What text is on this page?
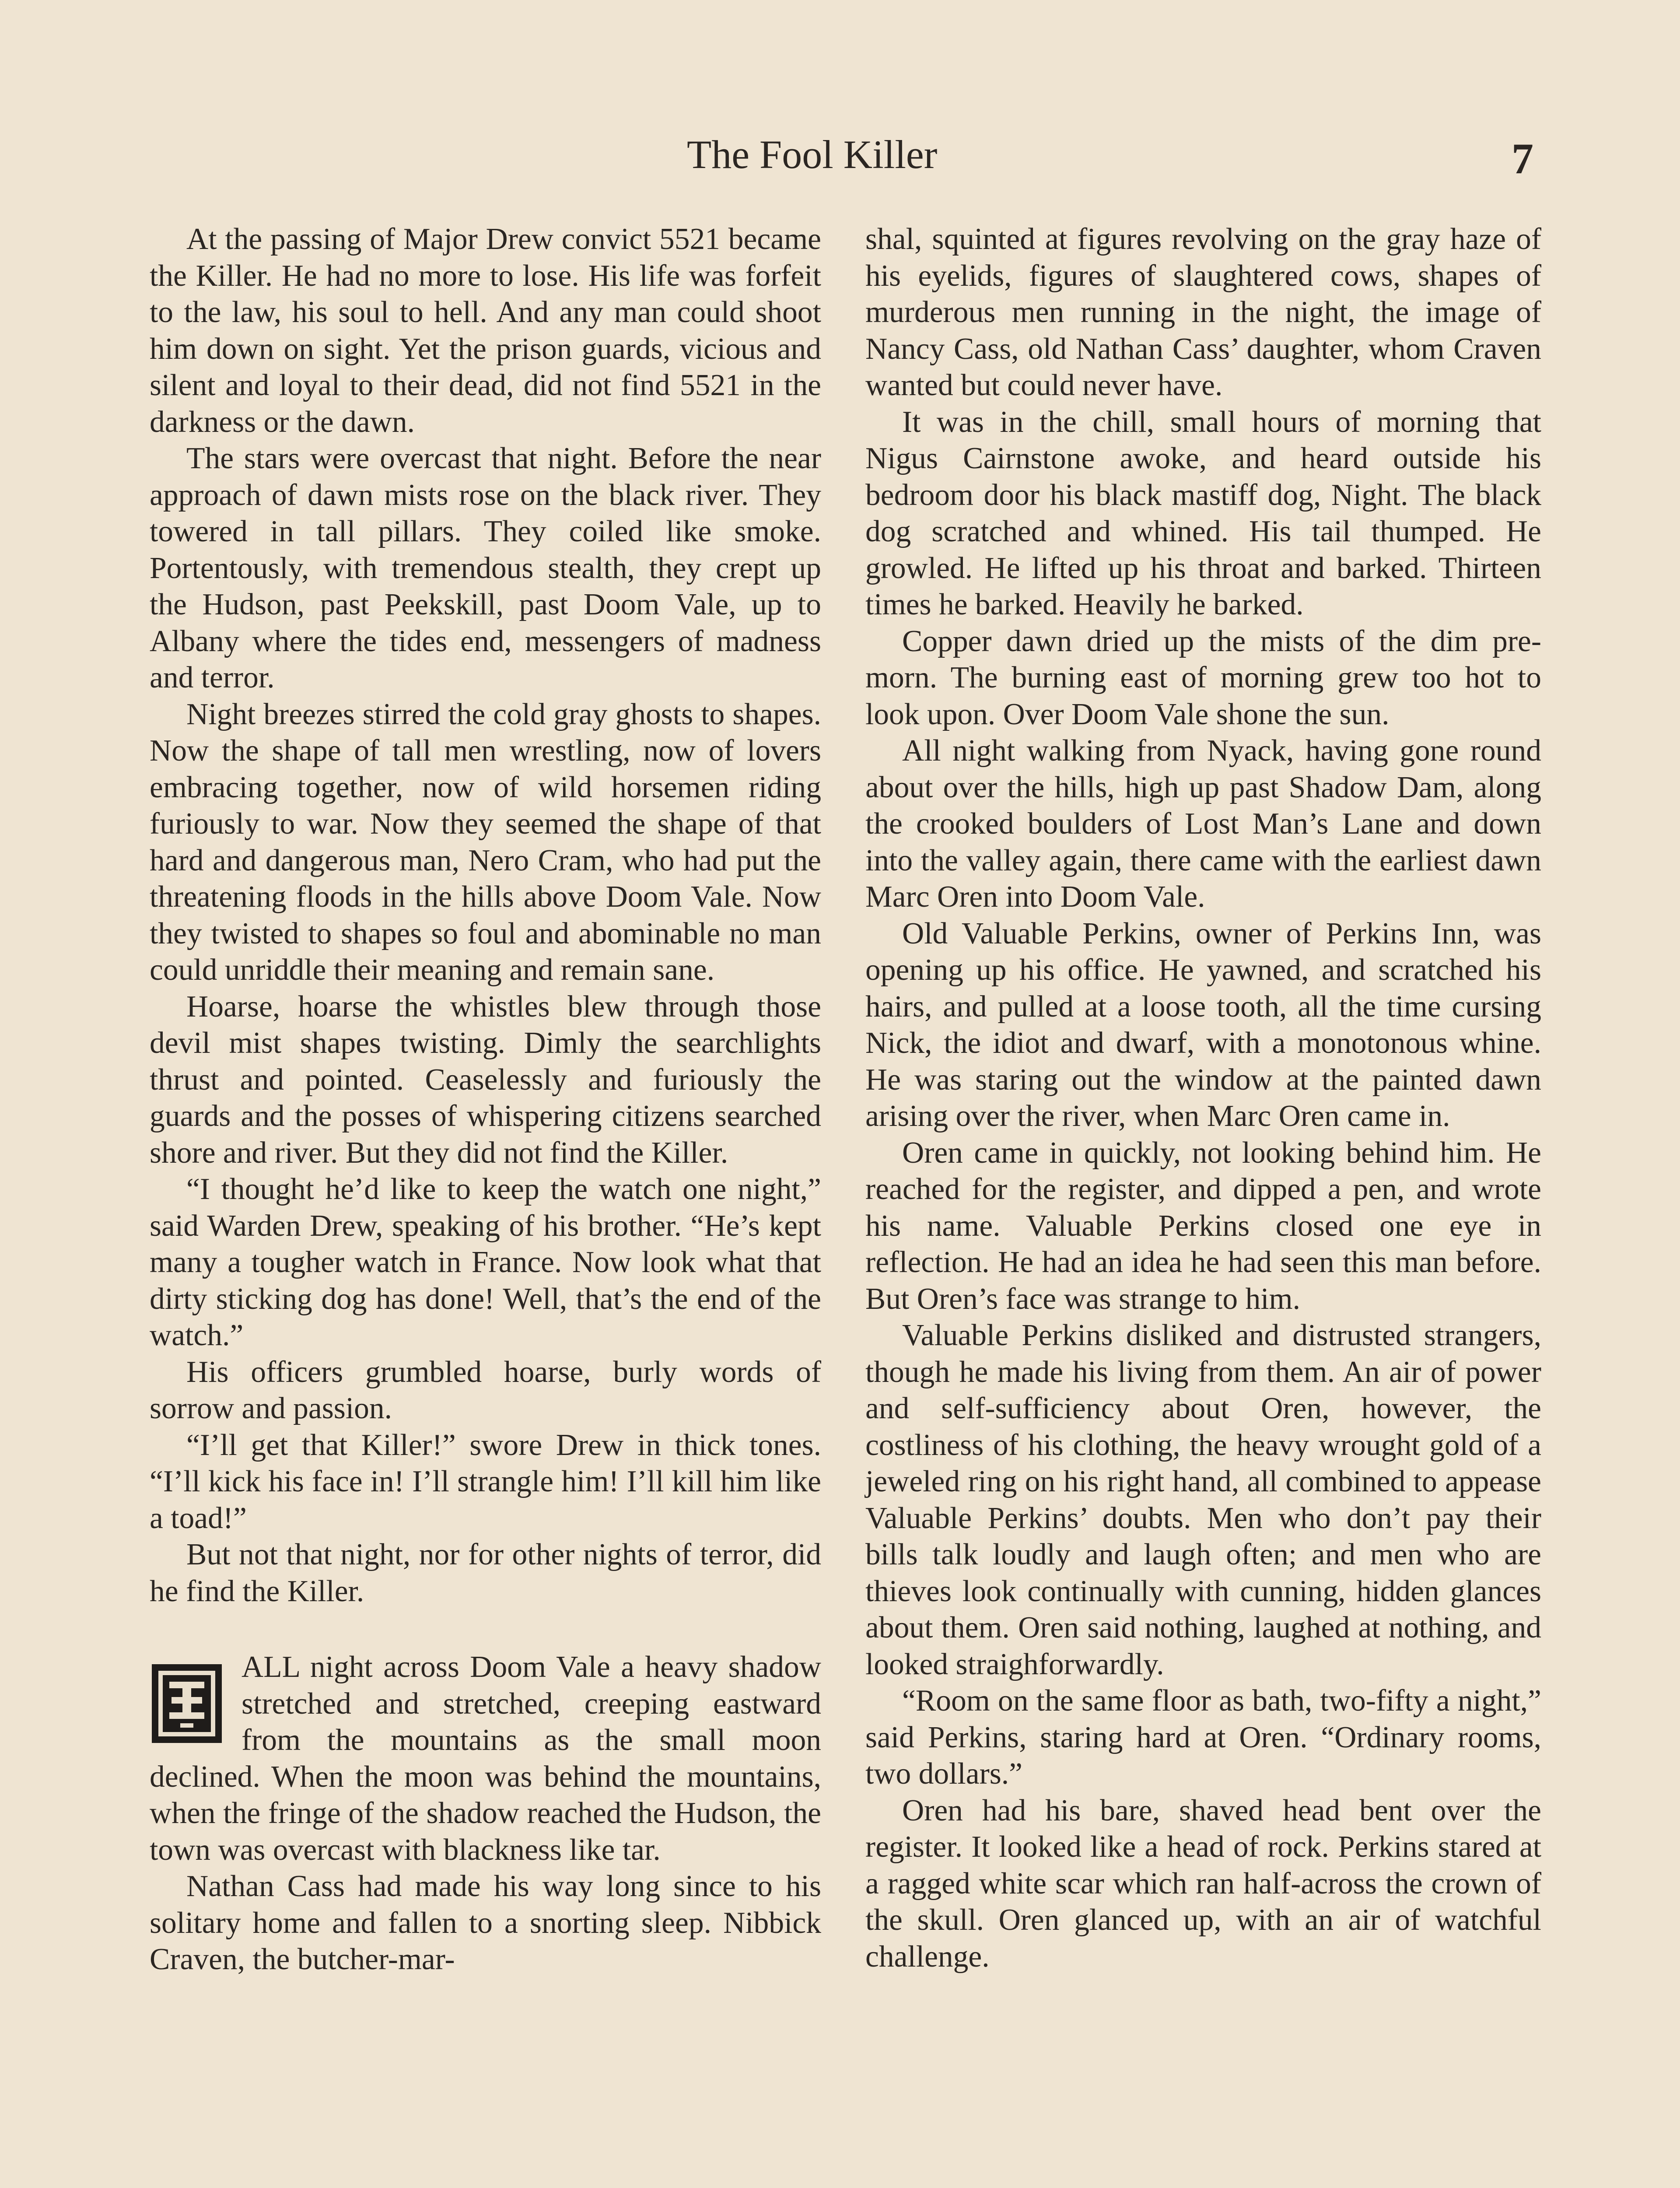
The Fool Killer	7

At the passing of Major Drew convict 5521 became the Killer. He had no more to lose. His life was forfeit to the law, his soul to hell. And any man could shoot him down on sight. Yet the prison guards, vicious and silent and loyal to their dead, did not find 5521 in the darkness or the dawn.

The stars were overcast that night. Before the near approach of dawn mists rose on the black river. They towered in tall pillars. They coiled like smoke. Portentously, with tremendous stealth, they crept up the Hudson, past Peekskill, past Doom Vale, up to Albany where the tides end, messengers of madness and terror.

Night breezes stirred the cold gray ghosts to shapes. Now the shape of tall men wrestling, now of lovers embracing together, now of wild horsemen riding furiously to war. Now they seemed the shape of that hard and dangerous man, Nero Cram, who had put the threatening floods in the hills above Doom Vale. Now they twisted to shapes so foul and abominable no man could unriddle their meaning and remain sane.

Hoarse, hoarse the whistles blew through those devil mist shapes twisting. Dimly the searchlights thrust and pointed. Ceaselessly and furiously the guards and the posses of whispering citizens searched shore and river. But they did not find the Killer.

“I thought he’d like to keep the watch one night,” said Warden Drew, speaking of his brother. “He’s kept many a tougher watch in France. Now look what that dirty sticking dog has done! Well, that’s the end of the watch.”

His officers grumbled hoarse, burly words of sorrow and passion.

“I’ll get that Killer!” swore Drew in thick tones. “I’ll kick his face in! I’ll strangle him! I’ll kill him like a toad!”

But not that night, nor for other nights of terror, did he find the Killer.

ALL night across Doom Vale a heavy shadow stretched and stretched, creeping eastward from the mountains as the small moon declined. When the moon was behind the mountains, when the fringe of the shadow reached the Hudson, the town was overcast with blackness like tar.

Nathan Cass had made his way long since to his solitary home and fallen to a snorting sleep. Nibbick Craven, the butcher-mar-

shal, squinted at figures revolving on the gray haze of his eyelids, figures of slaughtered cows, shapes of murderous men running in the night, the image of Nancy Cass, old Nathan Cass’ daughter, whom Craven wanted but could never have.

It was in the chill, small hours of morning that Nigus Cairnstone awoke, and heard outside his bedroom door his black mastiff dog, Night. The black dog scratched and whined. His tail thumped. He growled. He lifted up his throat and barked. Thirteen times he barked. Heavily he barked.

Copper dawn dried up the mists of the dim pre-morn. The burning east of morning grew too hot to look upon. Over Doom Vale shone the sun.

All night walking from Nyack, having gone round about over the hills, high up past Shadow Dam, along the crooked boulders of Lost Man’s Lane and down into the valley again, there came with the earliest dawn Marc Oren into Doom Vale.

Old Valuable Perkins, owner of Perkins Inn, was opening up his office. He yawned, and scratched his hairs, and pulled at a loose tooth, all the time cursing Nick, the idiot and dwarf, with a monotonous whine. He was staring out the window at the painted dawn arising over the river, when Marc Oren came in.

Oren came in quickly, not looking behind him. He reached for the register, and dipped a pen, and wrote his name. Valuable Perkins closed one eye in reflection. He had an idea he had seen this man before. But Oren’s face was strange to him.

Valuable Perkins disliked and distrusted strangers, though he made his living from them. An air of power and self-sufficiency about Oren, however, the costliness of his clothing, the heavy wrought gold of a jeweled ring on his right hand, all combined to appease Valuable Perkins’ doubts. Men who don’t pay their bills talk loudly and laugh often; and men who are thieves look continually with cunning, hidden glances about them. Oren said nothing, laughed at nothing, and looked straighforwardly.

“Room on the same floor as bath, two-fifty a night,” said Perkins, staring hard at Oren. “Ordinary rooms, two dollars.”

Oren had his bare, shaved head bent over the register. It looked like a head of rock. Perkins stared at a ragged white scar which ran half-across the crown of the skull. Oren glanced up, with an air of watchful challenge.
